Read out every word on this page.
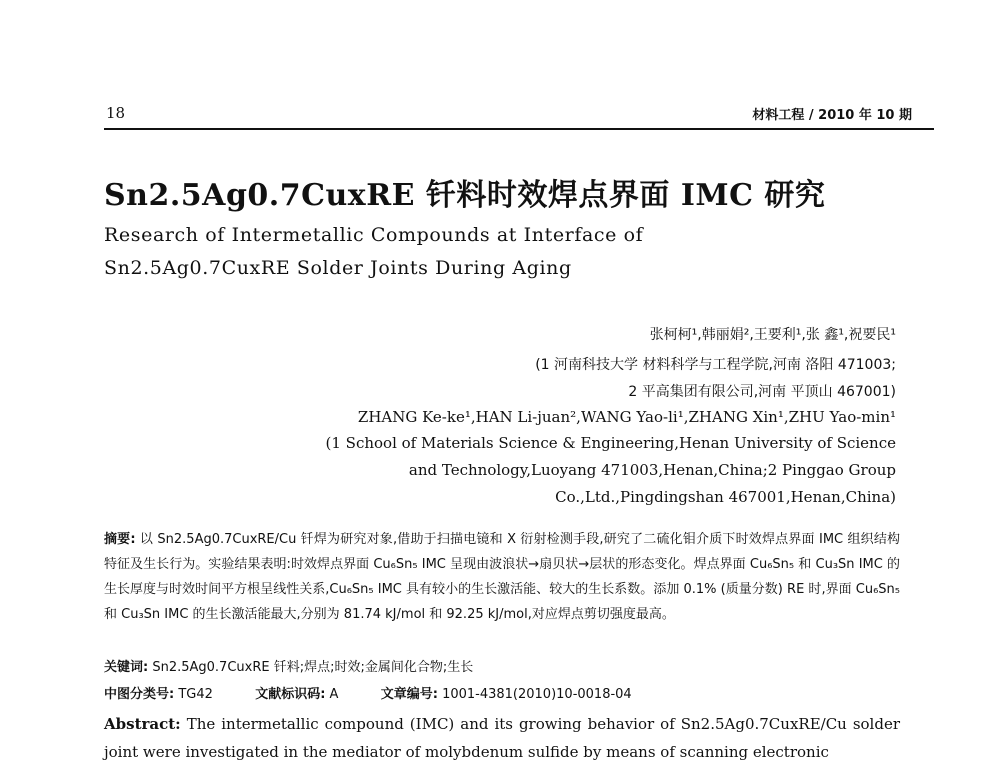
18	材料工程 / 2010 年 10 期
Sn2.5Ag0.7CuxRE 钎料时效焊点界面 IMC 研究
Research of Intermetallic Compounds at Interface of
Sn2.5Ag0.7CuxRE Solder Joints During Aging
张柯柯¹,韩丽娟²,王要利¹,张 鑫¹,祝要民¹
(1 河南科技大学 材料科学与工程学院,河南 洛阳 471003;
2 平高集团有限公司,河南 平顶山 467001)
ZHANG Ke-ke¹,HAN Li-juan²,WANG Yao-li¹,ZHANG Xin¹,ZHU Yao-min¹
(1 School of Materials Science & Engineering,Henan University of Science
and Technology,Luoyang 471003,Henan,China;2 Pinggao Group
Co.,Ltd.,Pingdingshan 467001,Henan,China)
摘要: 以 Sn2.5Ag0.7CuxRE/Cu 钎焊为研究对象,借助于扫描电镜和 X 衍射检测手段,研究了二硫化钼介质下时效焊点界面 IMC 组织结构特征及生长行为。实验结果表明:时效焊点界面 Cu₆Sn₅ IMC 呈现由波浪状→扇贝状→层状的形态变化。焊点界面 Cu₆Sn₅ 和 Cu₃Sn IMC 的生长厚度与时效时间平方根呈线性关系,Cu₆Sn₅ IMC 具有较小的生长激活能、较大的生长系数。添加 0.1% (质量分数) RE 时,界面 Cu₆Sn₅ 和 Cu₃Sn IMC 的生长激活能最大,分别为 81.74 kJ/mol 和 92.25 kJ/mol,对应焊点剪切强度最高。
关键词: Sn2.5Ag0.7CuxRE 钎料;焊点;时效;金属间化合物;生长
中图分类号: TG42	文献标识码: A	文章编号: 1001-4381(2010)10-0018-04
Abstract: The intermetallic compound (IMC) and its growing behavior of Sn2.5Ag0.7CuxRE/Cu solder joint were investigated in the mediator of molybdenum sulfide by means of scanning electronic
